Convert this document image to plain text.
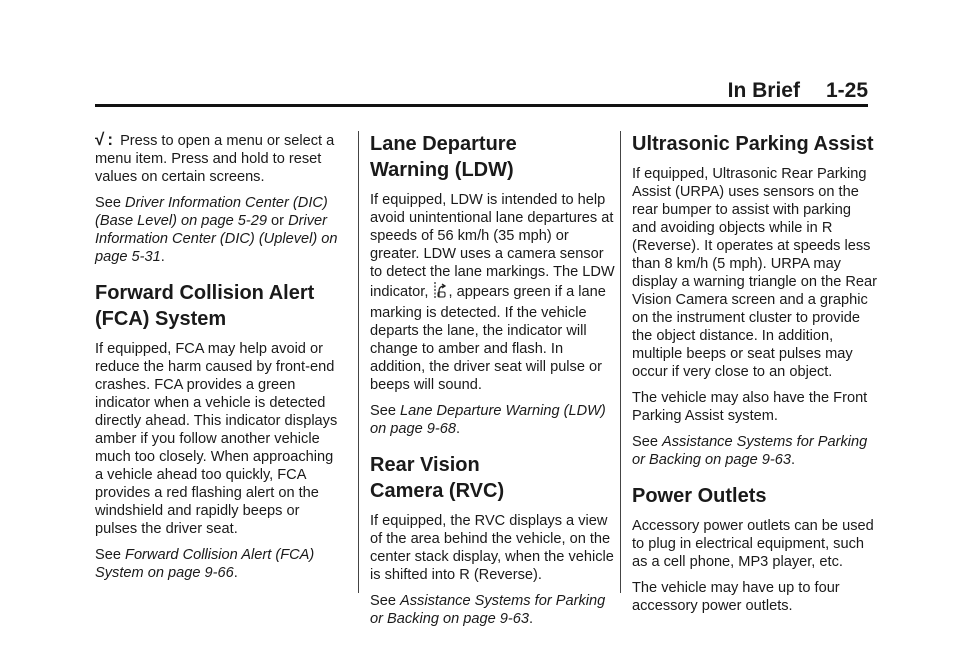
In Brief 1-25

√ : Press to open a menu or select a menu item. Press and hold to reset values on certain screens.

See Driver Information Center (DIC) (Base Level) on page 5-29 or Driver Information Center (DIC) (Uplevel) on page 5-31.

Forward Collision Alert
(FCA) System

If equipped, FCA may help avoid or reduce the harm caused by front-end crashes. FCA provides a green indicator when a vehicle is detected directly ahead. This indicator displays amber if you follow another vehicle much too closely. When approaching a vehicle ahead too quickly, FCA provides a red flashing alert on the windshield and rapidly beeps or pulses the driver seat.

See Forward Collision Alert (FCA) System on page 9-66.

Lane Departure
Warning (LDW)

If equipped, LDW is intended to help avoid unintentional lane departures at speeds of 56 km/h (35 mph) or greater. LDW uses a camera sensor to detect the lane markings. The LDW indicator, , appears green if a lane marking is detected. If the vehicle departs the lane, the indicator will change to amber and flash. In addition, the driver seat will pulse or beeps will sound.

See Lane Departure Warning (LDW) on page 9-68.

Rear Vision
Camera (RVC)

If equipped, the RVC displays a view of the area behind the vehicle, on the center stack display, when the vehicle is shifted into R (Reverse).

See Assistance Systems for Parking or Backing on page 9-63.

Ultrasonic Parking Assist

If equipped, Ultrasonic Rear Parking Assist (URPA) uses sensors on the rear bumper to assist with parking and avoiding objects while in R (Reverse). It operates at speeds less than 8 km/h (5 mph). URPA may display a warning triangle on the Rear Vision Camera screen and a graphic on the instrument cluster to provide the object distance. In addition, multiple beeps or seat pulses may occur if very close to an object.

The vehicle may also have the Front Parking Assist system.

See Assistance Systems for Parking or Backing on page 9-63.

Power Outlets

Accessory power outlets can be used to plug in electrical equipment, such as a cell phone, MP3 player, etc.

The vehicle may have up to four accessory power outlets.
